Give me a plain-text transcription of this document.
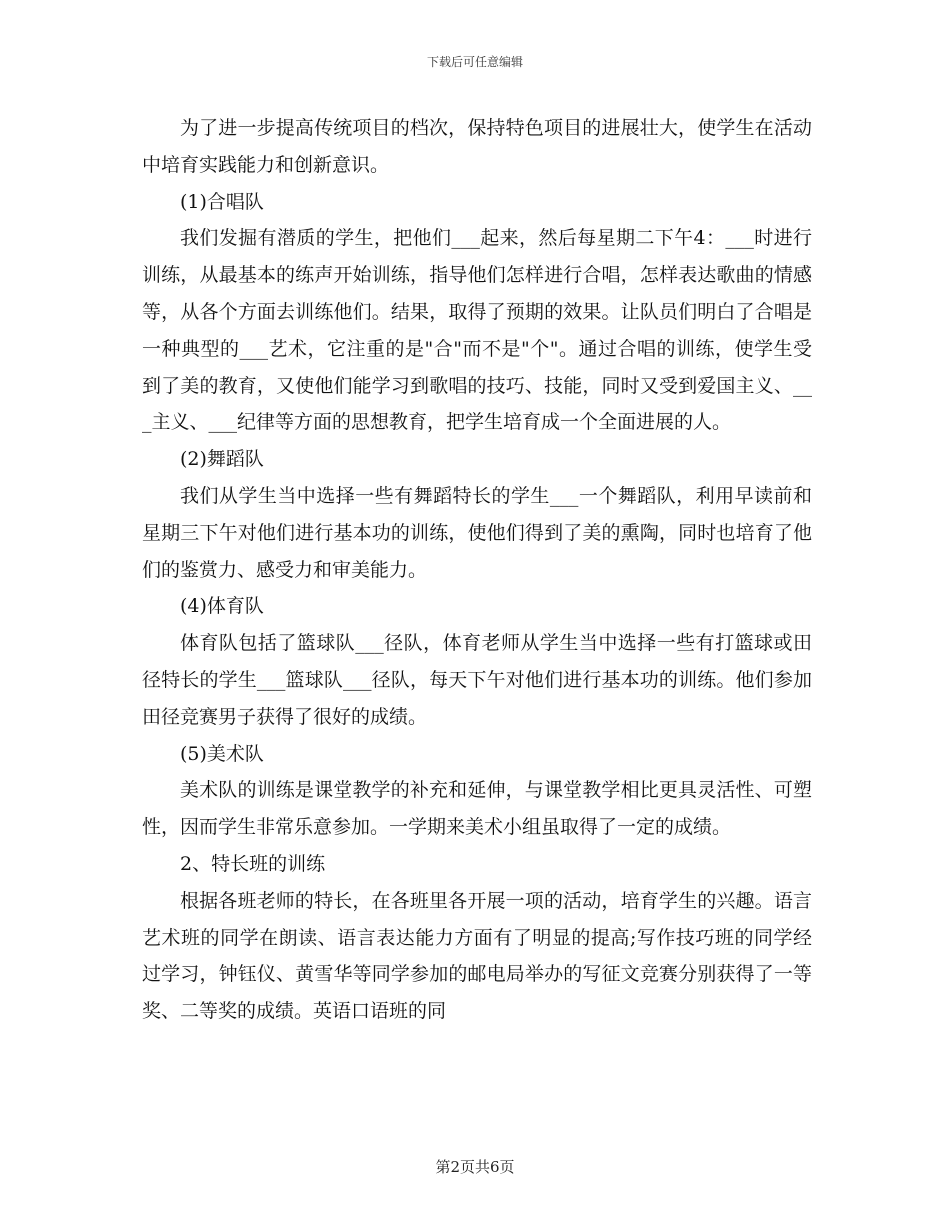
下载后可任意编辑

为了进一步提高传统项目的档次，保持特色项目的进展壮大，使学生在活动中培育实践能力和创新意识。

(1)合唱队

我们发掘有潜质的学生，把他们___起来，然后每星期二下午4：___时进行训练，从最基本的练声开始训练，指导他们怎样进行合唱，怎样表达歌曲的情感等，从各个方面去训练他们。结果，取得了预期的效果。让队员们明白了合唱是一种典型的___艺术，它注重的是"合"而不是"个"。通过合唱的训练，使学生受到了美的教育，又使他们能学习到歌唱的技巧、技能，同时又受到爱国主义、___主义、___纪律等方面的思想教育，把学生培育成一个全面进展的人。

(2)舞蹈队

我们从学生当中选择一些有舞蹈特长的学生___一个舞蹈队，利用早读前和星期三下午对他们进行基本功的训练，使他们得到了美的熏陶，同时也培育了他们的鉴赏力、感受力和审美能力。

(4)体育队

体育队包括了篮球队___径队，体育老师从学生当中选择一些有打篮球或田径特长的学生___篮球队___径队，每天下午对他们进行基本功的训练。他们参加田径竞赛男子获得了很好的成绩。

(5)美术队

美术队的训练是课堂教学的补充和延伸，与课堂教学相比更具灵活性、可塑性，因而学生非常乐意参加。一学期来美术小组虽取得了一定的成绩。

2、特长班的训练

根据各班老师的特长，在各班里各开展一项的活动，培育学生的兴趣。语言艺术班的同学在朗读、语言表达能力方面有了明显的提高;写作技巧班的同学经过学习，钟钰仪、黄雪华等同学参加的邮电局举办的写征文竞赛分别获得了一等奖、二等奖的成绩。英语口语班的同

第2页共6页
